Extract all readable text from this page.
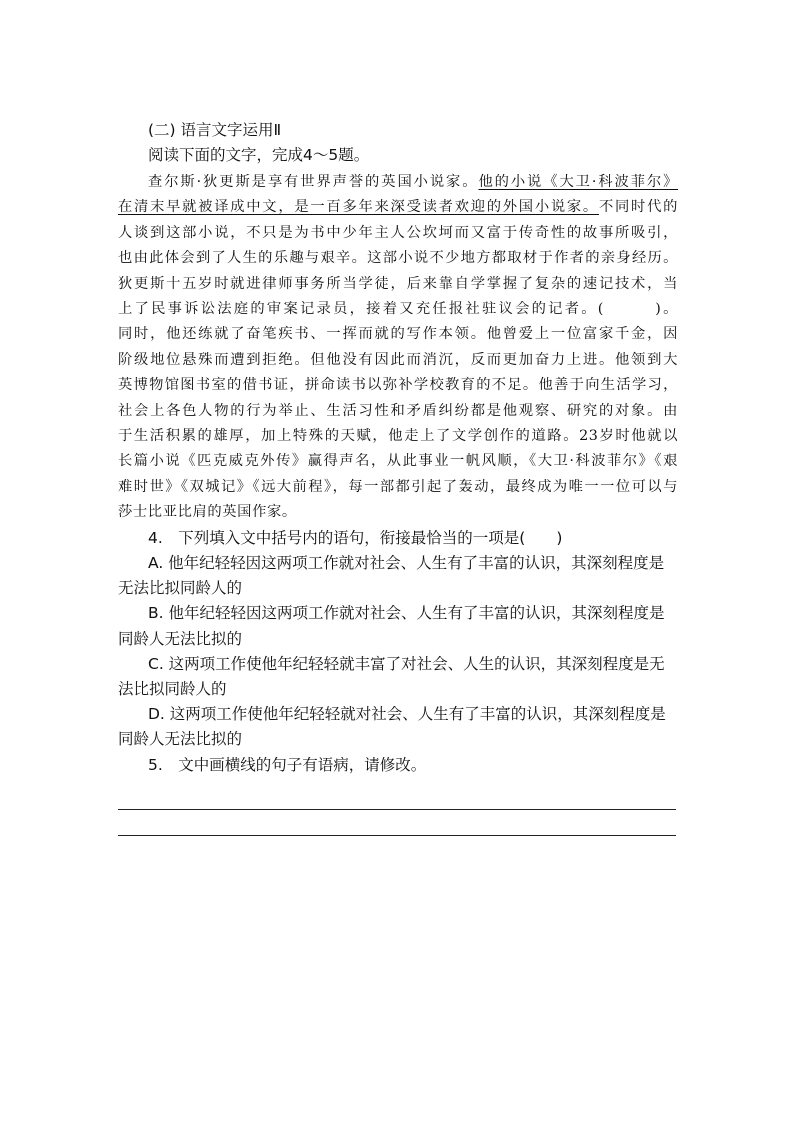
(二) 语言文字运用Ⅱ

阅读下面的文字，完成4～5题。

查尔斯·狄更斯是享有世界声誉的英国小说家。他的小说《大卫·科波菲尔》

在清末早就被译成中文，是一百多年来深受读者欢迎的外国小说家。不同时代的

人谈到这部小说，不只是为书中少年主人公坎坷而又富于传奇性的故事所吸引，

也由此体会到了人生的乐趣与艰辛。这部小说不少地方都取材于作者的亲身经历。

狄更斯十五岁时就进律师事务所当学徒，后来靠自学掌握了复杂的速记技术，当

上了民事诉讼法庭的审案记录员，接着又充任报社驻议会的记者。(　　　)。

同时，他还练就了奋笔疾书、一挥而就的写作本领。他曾爱上一位富家千金，因

阶级地位悬殊而遭到拒绝。但他没有因此而消沉，反而更加奋力上进。他领到大

英博物馆图书室的借书证，拼命读书以弥补学校教育的不足。他善于向生活学习，

社会上各色人物的行为举止、生活习性和矛盾纠纷都是他观察、研究的对象。由

于生活积累的雄厚，加上特殊的天赋，他走上了文学创作的道路。23岁时他就以

长篇小说《匹克威克外传》赢得声名，从此事业一帆风顺，《大卫·科波菲尔》《艰

难时世》《双城记》《远大前程》，每一部都引起了轰动，最终成为唯一一位可以与

莎士比亚比肩的英国作家。

4.　下列填入文中括号内的语句，衔接最恰当的一项是(　　)

A. 他年纪轻轻因这两项工作就对社会、人生有了丰富的认识，其深刻程度是

无法比拟同龄人的

B. 他年纪轻轻因这两项工作就对社会、人生有了丰富的认识，其深刻程度是

同龄人无法比拟的

C. 这两项工作使他年纪轻轻就丰富了对社会、人生的认识，其深刻程度是无

法比拟同龄人的

D. 这两项工作使他年纪轻轻就对社会、人生有了丰富的认识，其深刻程度是

同龄人无法比拟的

5.　文中画横线的句子有语病，请修改。
